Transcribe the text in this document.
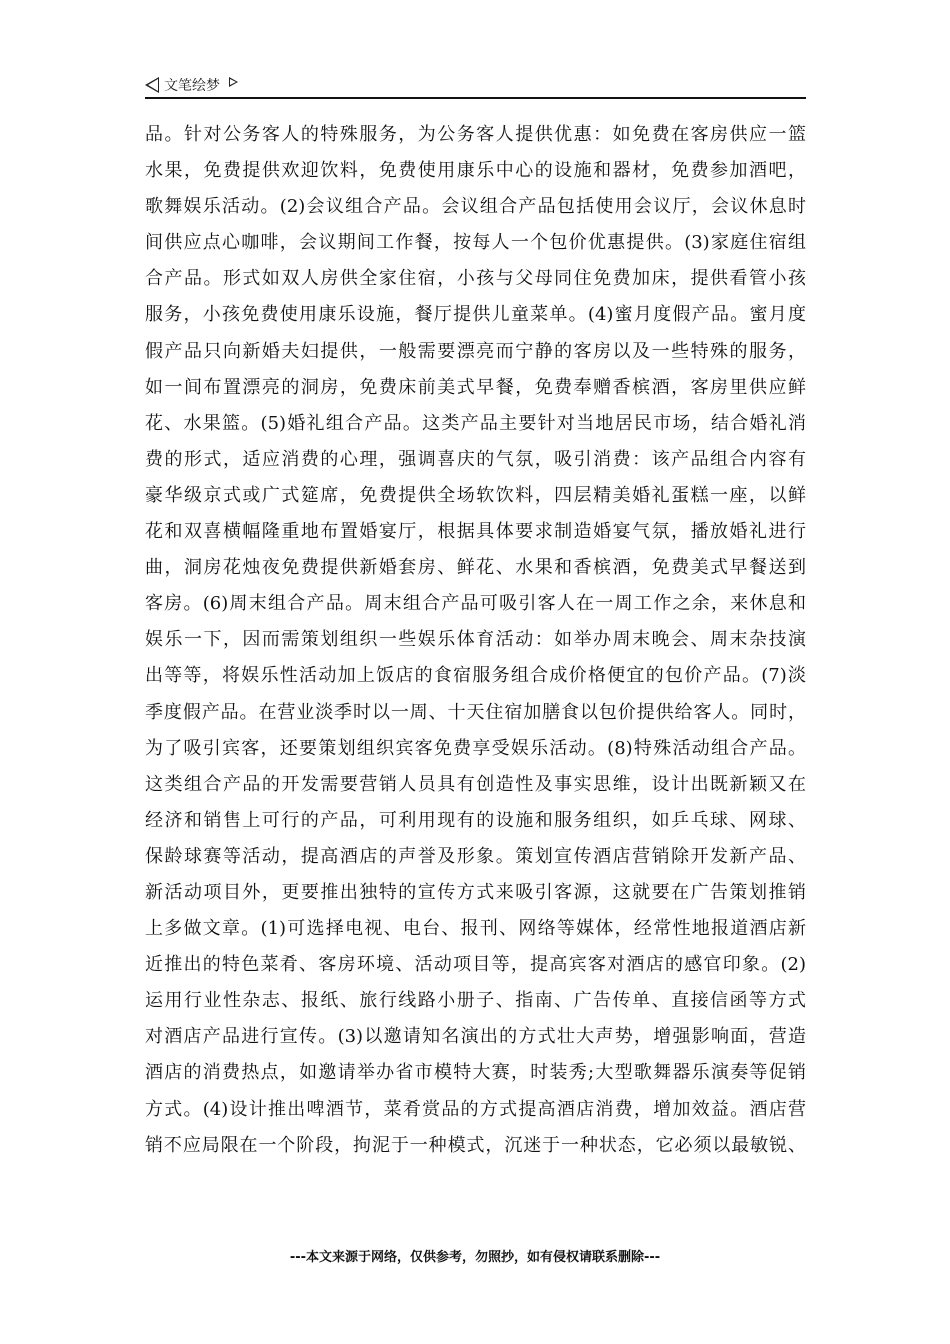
文笔绘梦
品。针对公务客人的特殊服务，为公务客人提供优惠：如免费在客房供应一篮
水果，免费提供欢迎饮料，免费使用康乐中心的设施和器材，免费参加酒吧，
歌舞娱乐活动。(2)会议组合产品。会议组合产品包括使用会议厅，会议休息时
间供应点心咖啡，会议期间工作餐，按每人一个包价优惠提供。(3)家庭住宿组
合产品。形式如双人房供全家住宿，小孩与父母同住免费加床，提供看管小孩
服务，小孩免费使用康乐设施，餐厅提供儿童菜单。(4)蜜月度假产品。蜜月度
假产品只向新婚夫妇提供，一般需要漂亮而宁静的客房以及一些特殊的服务，
如一间布置漂亮的洞房，免费床前美式早餐，免费奉赠香槟酒，客房里供应鲜
花、水果篮。(5)婚礼组合产品。这类产品主要针对当地居民市场，结合婚礼消
费的形式，适应消费的心理，强调喜庆的气氛，吸引消费：该产品组合内容有
豪华级京式或广式筵席，免费提供全场软饮料，四层精美婚礼蛋糕一座，以鲜
花和双喜横幅隆重地布置婚宴厅，根据具体要求制造婚宴气氛，播放婚礼进行
曲，洞房花烛夜免费提供新婚套房、鲜花、水果和香槟酒，免费美式早餐送到
客房。(6)周末组合产品。周末组合产品可吸引客人在一周工作之余，来休息和
娱乐一下，因而需策划组织一些娱乐体育活动：如举办周末晚会、周末杂技演
出等等，将娱乐性活动加上饭店的食宿服务组合成价格便宜的包价产品。(7)淡
季度假产品。在营业淡季时以一周、十天住宿加膳食以包价提供给客人。同时，
为了吸引宾客，还要策划组织宾客免费享受娱乐活动。(8)特殊活动组合产品。
这类组合产品的开发需要营销人员具有创造性及事实思维，设计出既新颖又在
经济和销售上可行的产品，可利用现有的设施和服务组织，如乒乓球、网球、
保龄球赛等活动，提高酒店的声誉及形象。策划宣传酒店营销除开发新产品、
新活动项目外，更要推出独特的宣传方式来吸引客源，这就要在广告策划推销
上多做文章。(1)可选择电视、电台、报刊、网络等媒体，经常性地报道酒店新
近推出的特色菜肴、客房环境、活动项目等，提高宾客对酒店的感官印象。(2)
运用行业性杂志、报纸、旅行线路小册子、指南、广告传单、直接信函等方式
对酒店产品进行宣传。(3)以邀请知名演出的方式壮大声势，增强影响面，营造
酒店的消费热点，如邀请举办省市模特大赛，时装秀;大型歌舞器乐演奏等促销
方式。(4)设计推出啤酒节，菜肴赏品的方式提高酒店消费，增加效益。酒店营
销不应局限在一个阶段，拘泥于一种模式，沉迷于一种状态，它必须以最敏锐、
---本文来源于网络，仅供参考，勿照抄，如有侵权请联系删除---
